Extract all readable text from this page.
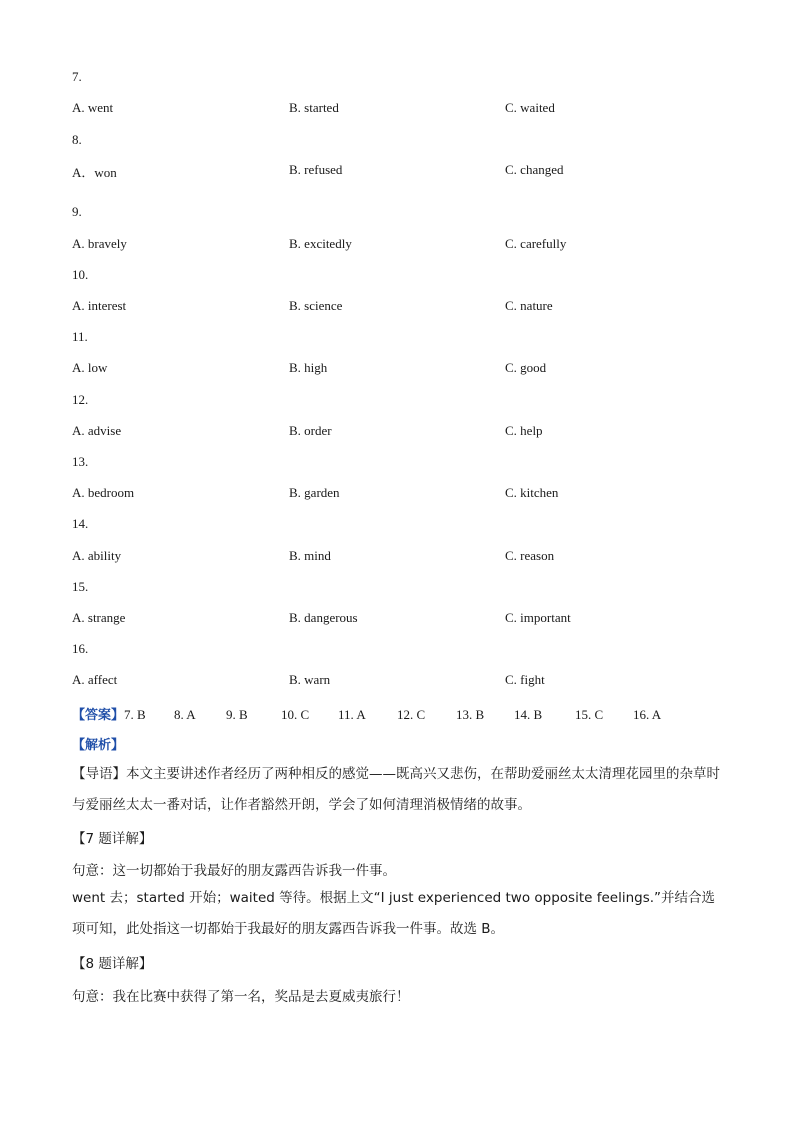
7.
A. went	B. started	C. waited
8.
A．won	B. refused	C. changed
9.
A. bravely	B. excitedly	C. carefully
10.
A. interest	B. science	C. nature
11.
A. low	B. high	C. good
12.
A. advise	B. order	C. help
13.
A. bedroom	B. garden	C. kitchen
14.
A. ability	B. mind	C. reason
15.
A. strange	B. dangerous	C. important
16.
A. affect	B. warn	C. fight
【答案】7. B 8. A 9. B	10. C 11. A 12. C 13. B 14. B	15. C 16. A
【解析】
【导语】本文主要讲述作者经历了两种相反的感觉——既高兴又悲伤，在帮助爱丽丝太太清理花园里的杂草时与爱丽丝太太一番对话，让作者豁然开朗，学会了如何清理消极情绪的故事。
【7 题详解】
句意：这一切都始于我最好的朋友露西告诉我一件事。
went 去；started 开始；waited 等待。根据上文“I just experienced two opposite feelings.”并结合选项可知，此处指这一切都始于我最好的朋友露西告诉我一件事。故选 B。
【8 题详解】
句意：我在比赛中获得了第一名，奖品是去夏威夷旅行！
